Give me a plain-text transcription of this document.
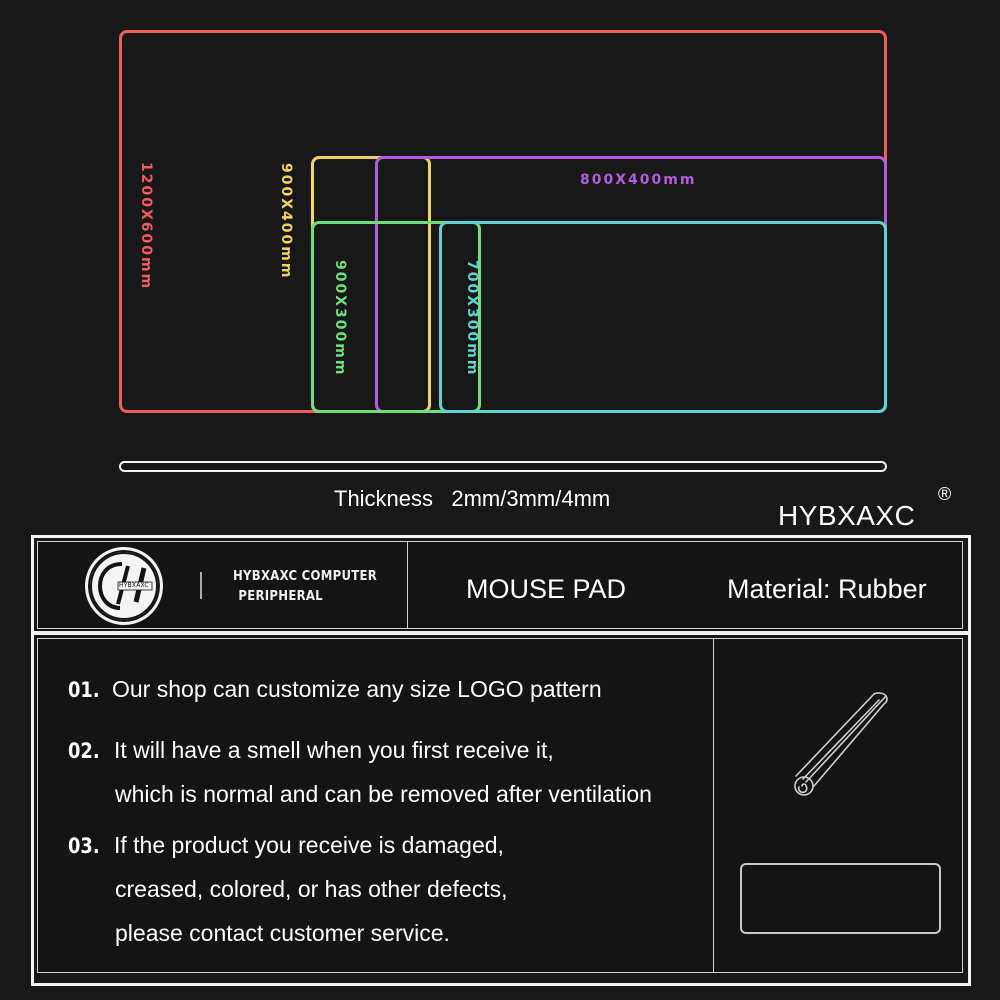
1200X600mm	900X400mm	800X400mm
900X300mm	700X300mm
Thickness   2mm/3mm/4mm
HYBXAXC
®
HYBXAXC
HYBXAXC COMPUTER
PERIPHERAL	MOUSE PAD	Material: Rubber
01. Our shop can customize any size LOGO pattern
02. It will have a smell when you first receive it,
which is normal and can be removed after ventilation
03. If the product you receive is damaged,
creased, colored, or has other defects,
please contact customer service.
